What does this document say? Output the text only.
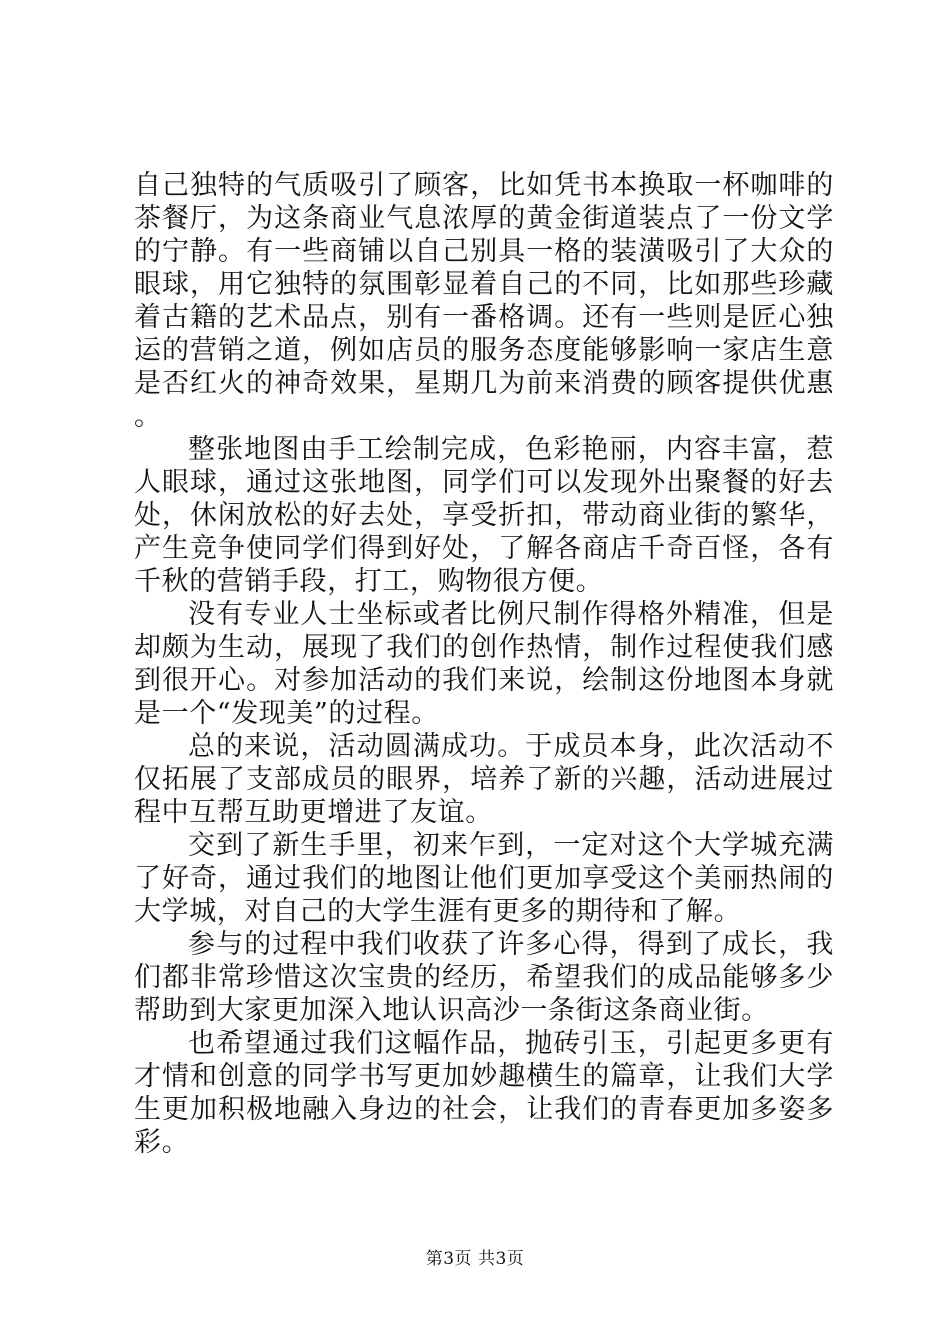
自己独特的气质吸引了顾客，比如凭书本换取一杯咖啡的茶餐厅，为这条商业气息浓厚的黄金街道装点了一份文学的宁静。有一些商铺以自己别具一格的装潢吸引了大众的眼球，用它独特的氛围彰显着自己的不同，比如那些珍藏着古籍的艺术品点，别有一番格调。还有一些则是匠心独运的营销之道，例如店员的服务态度能够影响一家店生意是否红火的神奇效果，星期几为前来消费的顾客提供优惠。

整张地图由手工绘制完成，色彩艳丽，内容丰富，惹人眼球，通过这张地图，同学们可以发现外出聚餐的好去处，休闲放松的好去处，享受折扣，带动商业街的繁华，产生竞争使同学们得到好处，了解各商店千奇百怪，各有千秋的营销手段，打工，购物很方便。

没有专业人士坐标或者比例尺制作得格外精准，但是却颇为生动，展现了我们的创作热情，制作过程使我们感到很开心。对参加活动的我们来说，绘制这份地图本身就是一个“发现美”的过程。

总的来说，活动圆满成功。于成员本身，此次活动不仅拓展了支部成员的眼界，培养了新的兴趣，活动进展过程中互帮互助更增进了友谊。

交到了新生手里，初来乍到，一定对这个大学城充满了好奇，通过我们的地图让他们更加享受这个美丽热闹的大学城，对自己的大学生涯有更多的期待和了解。

参与的过程中我们收获了许多心得，得到了成长，我们都非常珍惜这次宝贵的经历，希望我们的成品能够多少帮助到大家更加深入地认识高沙一条街这条商业街。

也希望通过我们这幅作品，抛砖引玉，引起更多更有才情和创意的同学书写更加妙趣横生的篇章，让我们大学生更加积极地融入身边的社会，让我们的青春更加多姿多彩。

第3页 共3页
